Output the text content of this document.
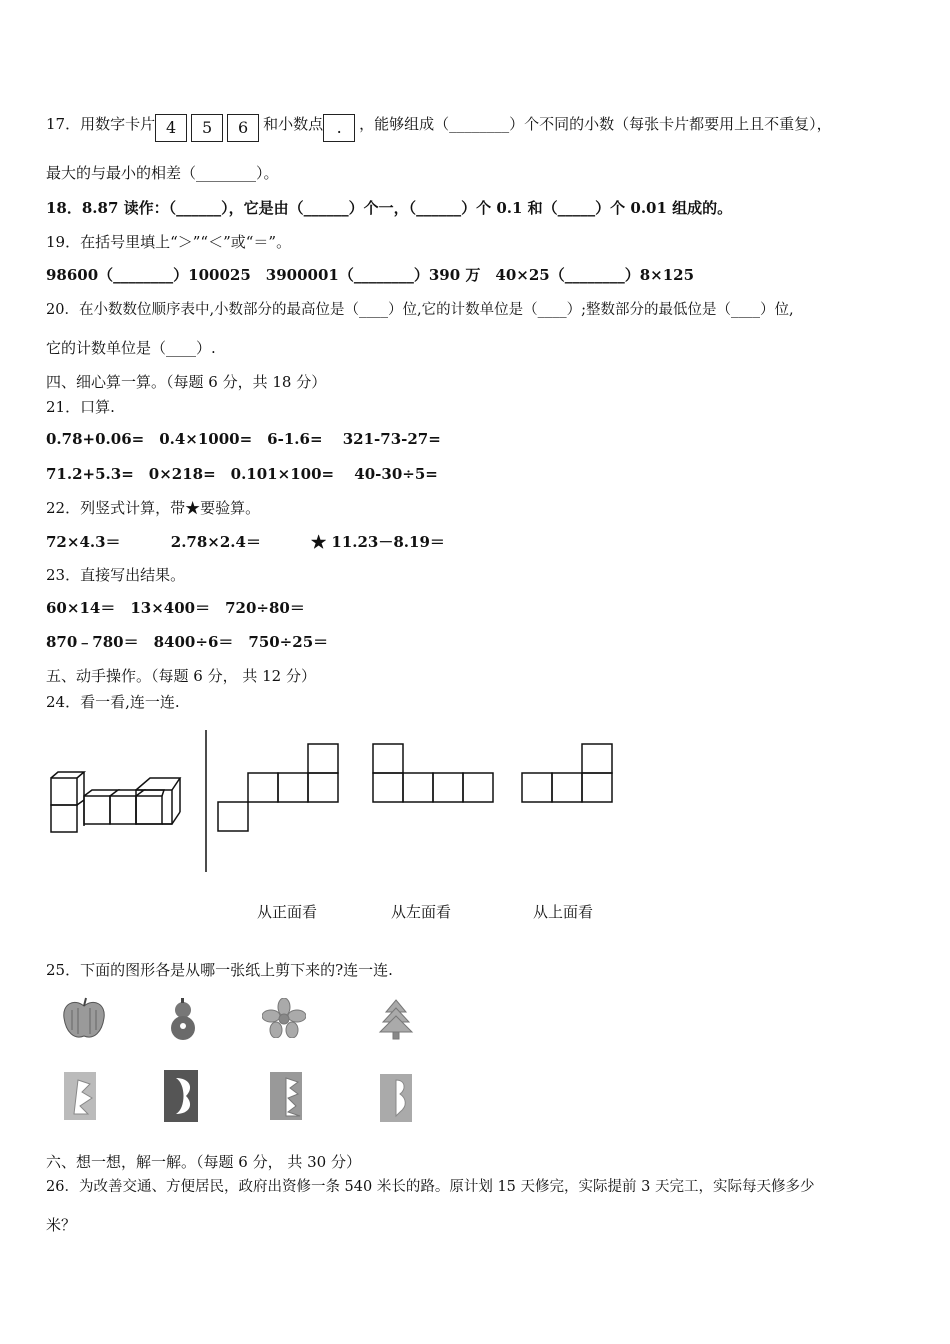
17．用数字卡片 4 5 6 和小数点 . ，能够组成（________）个不同的小数（每张卡片都要用上且不重复），
最大的与最小的相差（________）。
18．8.87 读作：（______），它是由（______）个一，（______）个 0.1 和（_____）个 0.01 组成的。
19．在括号里填上“＞”“＜”或“＝”。
98600（________）100025　3900001（________）390 万　40×25（________）8×125
20．在小数数位顺序表中,小数部分的最高位是（____）位,它的计数单位是（____）;整数部分的最低位是（____）位,
它的计数单位是（____）.
四、细心算一算。（每题 6 分，共 18 分）
21．口算.
0.78+0.06=　0.4×1000=　6-1.6=　 321-73-27=
71.2+5.3=　0×218=　0.101×100=　 40-30÷5=
22．列竖式计算，带★要验算。
72×4.3＝　　　 2.78×2.4＝　　　 ★ 11.23－8.19＝
23．直接写出结果。
60×14＝　13×400＝　720÷80＝
870﹣780＝　8400÷6＝　750÷25＝
五、动手操作。（每题 6 分， 共 12 分）
24．看一看,连一连.
从正面看	从左面看	从上面看
25．下面的图形各是从哪一张纸上剪下来的?连一连.
六、想一想，解一解。（每题 6 分， 共 30 分）
26．为改善交通、方便居民，政府出资修一条 540 米长的路。原计划 15 天修完，实际提前 3 天完工，实际每天修多少
米？
